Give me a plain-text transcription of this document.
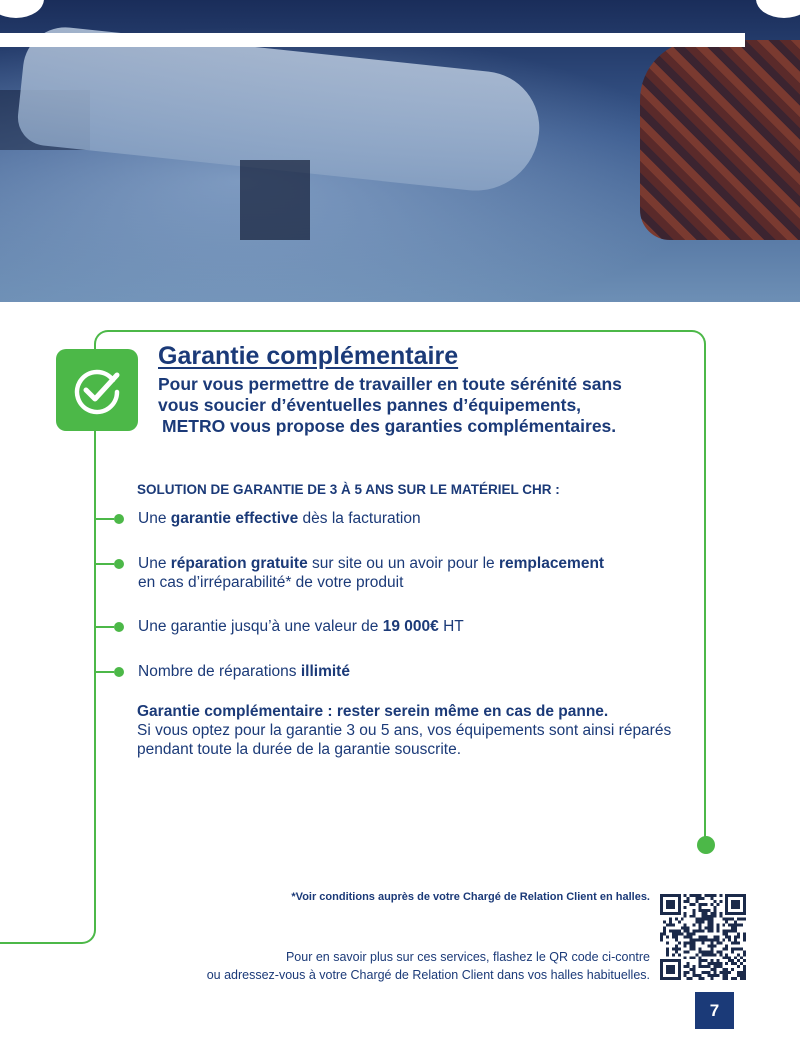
Garantie complémentaire
Pour vous permettre de travailler en toute sérénité sans
vous soucier d’éventuelles pannes d’équipements,
METRO vous propose des garanties complémentaires.
SOLUTION DE GARANTIE DE 3 À 5 ANS SUR LE MATÉRIEL CHR :
Une garantie effective dès la facturation
Une réparation gratuite sur site ou un avoir pour le remplacement
en cas d’irréparabilité* de votre produit
Une garantie jusqu’à une valeur de 19 000€ HT
Nombre de réparations illimité
Garantie complémentaire : rester serein même en cas de panne.
Si vous optez pour la garantie 3 ou 5 ans, vos équipements sont ainsi réparés
pendant toute la durée de la garantie souscrite.
*Voir conditions auprès de votre Chargé de Relation Client en halles.
Pour en savoir plus sur ces services, flashez le QR code ci-contre
ou adressez-vous à votre Chargé de Relation Client dans vos halles habituelles.
7
